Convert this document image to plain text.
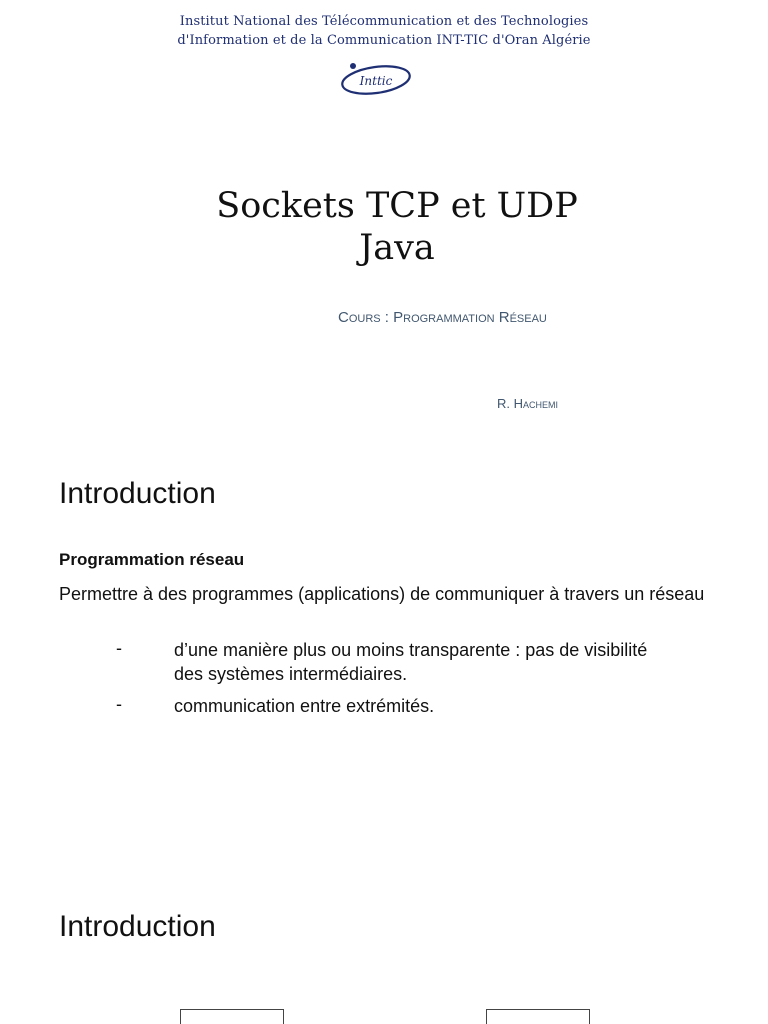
Institut National des Télécommunication et des Technologies
d'Information et de la Communication INT-TIC d'Oran Algérie
Inttic
Sockets TCP et UDP
Java
Cours : Programmation Réseau
R. Hachemi
Introduction
Programmation réseau
Permettre à des programmes (applications) de communiquer à travers un réseau
-	d’une manière plus ou moins transparente : pas de visibilité des systèmes intermédiaires.
-	communication entre extrémités.
Introduction
